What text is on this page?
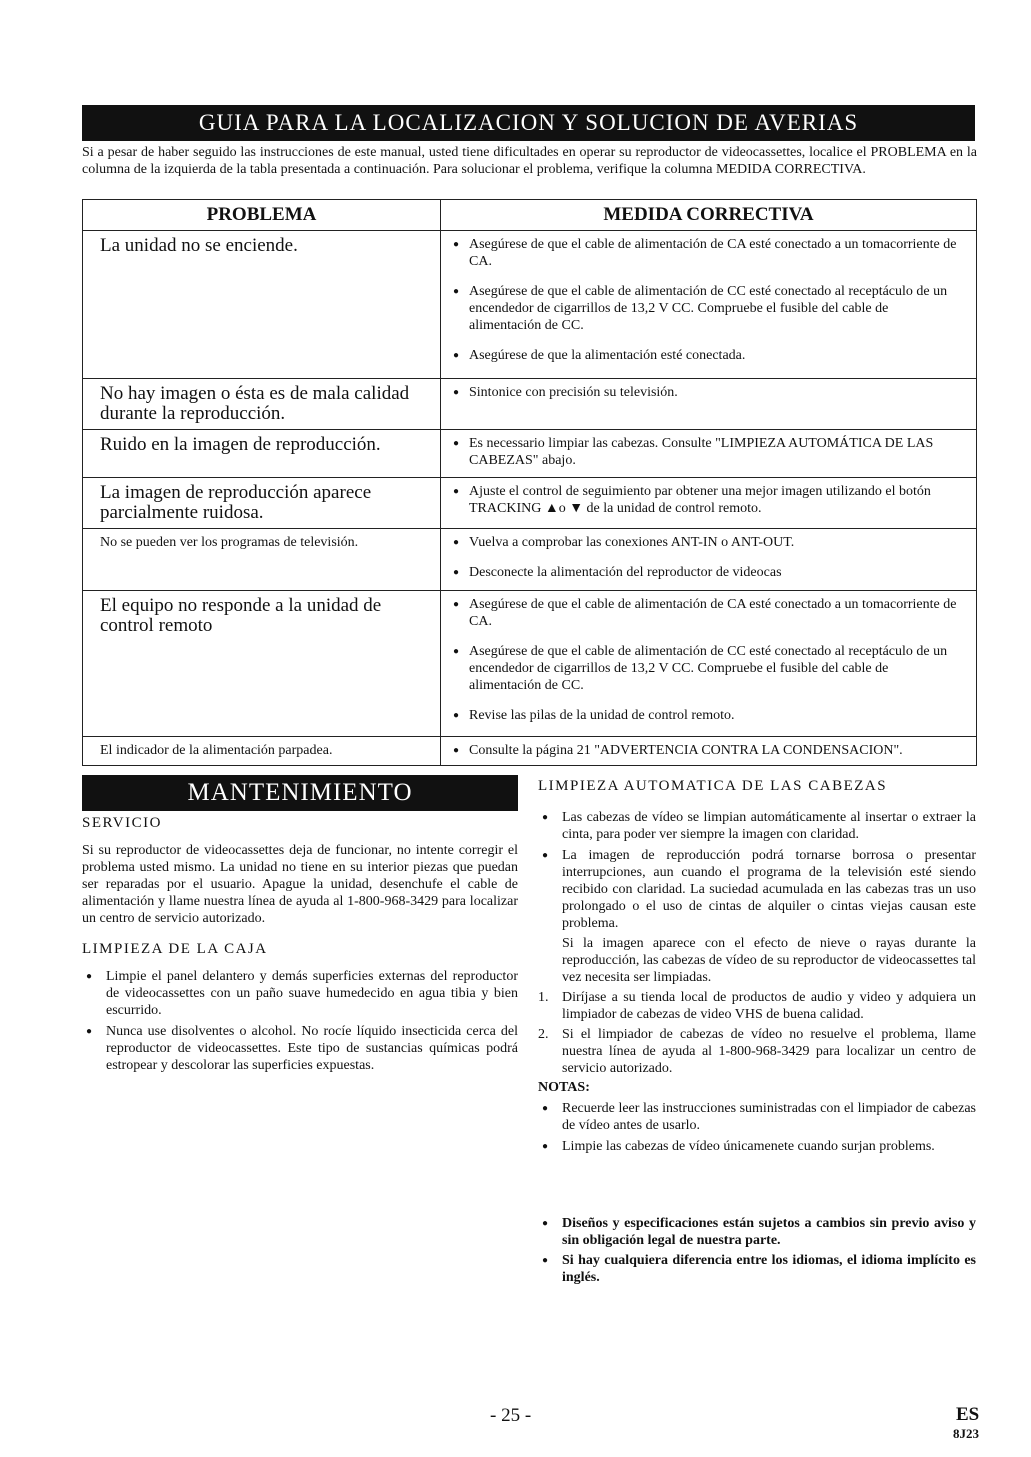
GUIA PARA LA LOCALIZACION Y SOLUCION DE AVERIAS

Si a pesar de haber seguido las instrucciones de este manual, usted tiene dificultades en operar su reproductor de videocassettes, localice el PROBLEMA en la columna de la izquierda de la tabla presentada a continuación. Para solucionar el problema, verifique la columna MEDIDA CORRECTIVA.

PROBLEMA	MEDIDA CORRECTIVA
La unidad no se enciende.	● Asegúrese de que el cable de alimentación de CA esté conectado a un tomacorriente de CA.
● Asegúrese de que el cable de alimentación de CC esté conectado al receptáculo de un encendedor de cigarrillos de 13,2 V CC. Compruebe el fusible del cable de alimentación de CC.
● Asegúrese de que la alimentación esté conectada.

No hay imagen o ésta es de mala calidad durante la reproducción.	● Sintonice con precisión su televisión.

Ruido en la imagen de reproducción.	● Es necessario limpiar las cabezas. Consulte "LIMPIEZA AUTOMÁTICA DE LAS CABEZAS" abajo.

La imagen de reproducción aparece parcialmente ruidosa.	● Ajuste el control de seguimiento par obtener una mejor imagen utilizando el botón TRACKING ▲o ▼ de la unidad de control remoto.

No se pueden ver los programas de televisión.	● Vuelva a comprobar las conexiones ANT-IN o ANT-OUT.
● Desconecte la alimentación del reproductor de videocas

El equipo no responde a la unidad de control remoto	● Asegúrese de que el cable de alimentación de CA esté conectado a un tomacorriente de CA.
● Asegúrese de que el cable de alimentación de CC esté conectado al receptáculo de un encendedor de cigarrillos de 13,2 V CC. Compruebe el fusible del cable de alimentación de CC.
● Revise las pilas de la unidad de control remoto.

El indicador de la alimentación parpadea.	● Consulte la página 21 "ADVERTENCIA CONTRA LA CONDENSACION".
MANTENIMIENTO
SERVICIO

Si su reproductor de videocassettes deja de funcionar, no intente corregir el problema usted mismo. La unidad no tiene en su interior piezas que puedan ser reparadas por el usuario. Apague la unidad, desenchufe el cable de alimentación y llame nuestra línea de ayuda al 1-800-968-3429 para localizar un centro de servicio autorizado.

LIMPIEZA DE LA CAJA
● Limpie el panel delantero y demás superficies externas del reproductor de videocassettes con un paño suave humedecido en agua tibia y bien escurrido.
● Nunca use disolventes o alcohol. No rocíe líquido insecticida cerca del reproductor de videocassettes. Este tipo de sustancias químicas podrá estropear y descolorar las superficies expuestas.
LIMPIEZA AUTOMATICA DE LAS CABEZAS
● Las cabezas de vídeo se limpian automáticamente al insertar o extraer la cinta, para poder ver siempre la imagen con claridad.
● La imagen de reproducción podrá tornarse borrosa o presentar interrupciones, aun cuando el programa de la televisión esté siendo recibido con claridad. La suciedad acumulada en las cabezas tras un uso prolongado o el uso de cintas de alquiler o cintas viejas causan este problema.
Si la imagen aparece con el efecto de nieve o rayas durante la reproducción, las cabezas de vídeo de su reproductor de videocassettes tal vez necesita ser limpiadas.
1. Diríjase a su tienda local de productos de audio y video y adquiera un limpiador de cabezas de video VHS de buena calidad.
2. Si el limpiador de cabezas de vídeo no resuelve el problema, llame nuestra línea de ayuda al 1-800-968-3429 para localizar un centro de servicio autorizado.
NOTAS:
● Recuerde leer las instrucciones suministradas con el limpiador de cabezas de vídeo antes de usarlo.
● Limpie las cabezas de vídeo únicamenete cuando surjan problems.
● Diseños y especificaciones están sujetos a cambios sin previo aviso y sin obligación legal de nuestra parte.
● Si hay cualquiera diferencia entre los idiomas, el idioma implícito es inglés.
- 25 -	ES
8J23
